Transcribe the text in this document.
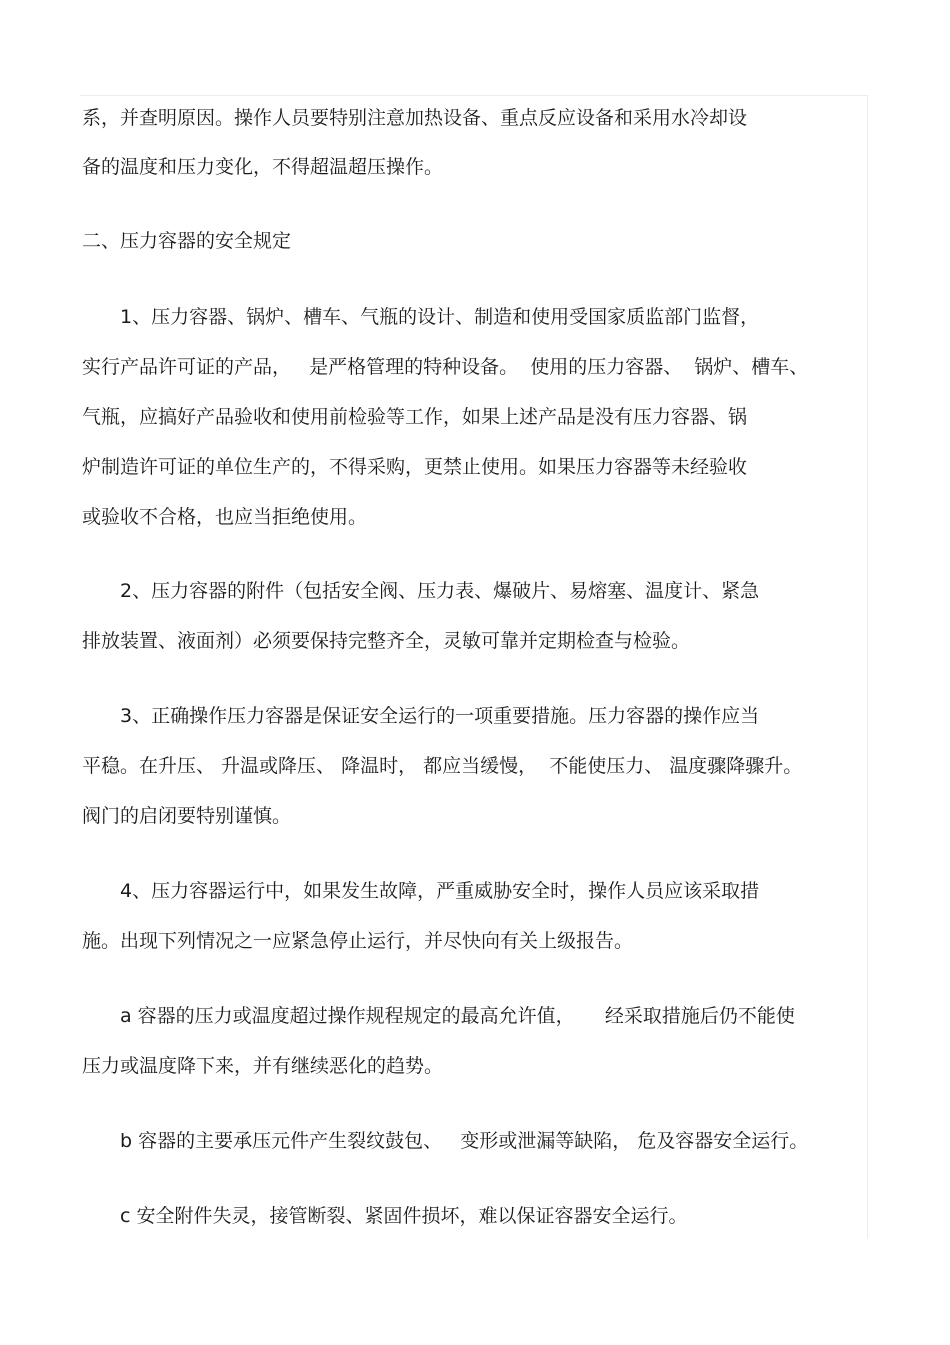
系，并查明原因。操作人员要特别注意加热设备、重点反应设备和采用水冷却设
备的温度和压力变化，不得超温超压操作。
二、压力容器的安全规定
1、压力容器、锅炉、槽车、气瓶的设计、制造和使用受国家质监部门监督，
实行产品许可证的产品，   是严格管理的特种设备。  使用的压力容器、  锅炉、槽车、
气瓶，应搞好产品验收和使用前检验等工作，如果上述产品是没有压力容器、锅
炉制造许可证的单位生产的，不得采购，更禁止使用。如果压力容器等未经验收
或验收不合格，也应当拒绝使用。
2、压力容器的附件（包括安全阀、压力表、爆破片、易熔塞、温度计、紧急
排放装置、液面剂）必须要保持完整齐全，灵敏可靠并定期检查与检验。
3、正确操作压力容器是保证安全运行的一项重要措施。压力容器的操作应当
平稳。在升压、 升温或降压、 降温时， 都应当缓慢，  不能使压力、 温度骤降骤升。
阀门的启闭要特别谨慎。
4、压力容器运行中，如果发生故障，严重威胁安全时，操作人员应该采取措
施。出现下列情况之一应紧急停止运行，并尽快向有关上级报告。
a 容器的压力或温度超过操作规程规定的最高允许值，     经采取措施后仍不能使
压力或温度降下来，并有继续恶化的趋势。
b 容器的主要承压元件产生裂纹鼓包、   变形或泄漏等缺陷， 危及容器安全运行。
c 安全附件失灵，接管断裂、紧固件损坏，难以保证容器安全运行。
